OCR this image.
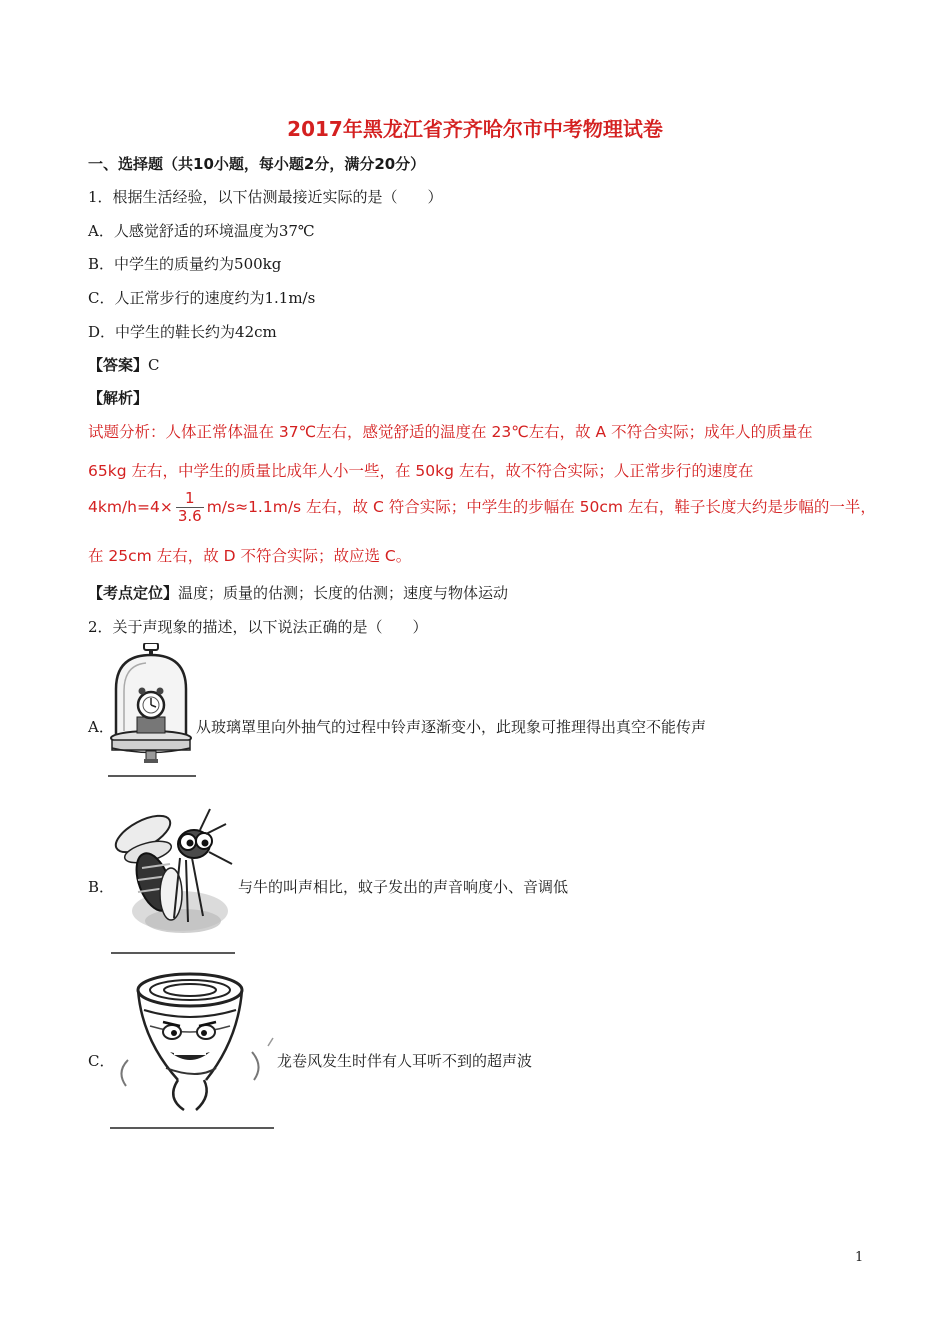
2017年黑龙江省齐齐哈尔市中考物理试卷
一、选择题（共10小题，每小题2分，满分20分）
1．根据生活经验，以下估测最接近实际的是（　　）
A．人感觉舒适的环境温度为37℃
B．中学生的质量约为500kg
C．人正常步行的速度约为1.1m/s
D．中学生的鞋长约为42cm
【答案】C
【解析】
试题分析：人体正常体温在 37℃左右，感觉舒适的温度在 23℃左右，故 A 不符合实际；成年人的质量在
65kg 左右，中学生的质量比成年人小一些，在 50kg 左右，故不符合实际；人正常步行的速度在
$4km/h=4\times \frac{1}{3.6} m/s\approx 1.1m/s$ 左右，故 C 符合实际；中学生的步幅在 50cm 左右，鞋子长度大约是步幅的一半，
在 25cm 左右，故 D 不符合实际；故应选 C。
【考点定位】温度；质量的估测；长度的估测；速度与物体运动
2．关于声现象的描述，以下说法正确的是（　　）
A．	从玻璃罩里向外抽气的过程中铃声逐渐变小，此现象可推理得出真空不能传声
B．	与牛的叫声相比，蚊子发出的声音响度小、音调低
C．	龙卷风发生时伴有人耳听不到的超声波
1
